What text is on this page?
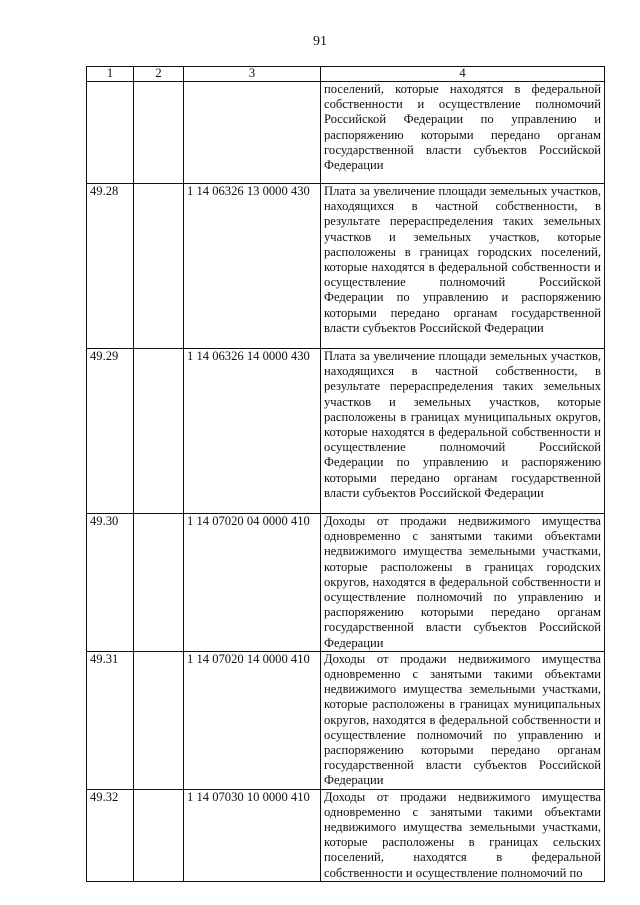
91
1	2	3	4
			поселений, которые находятся в федеральной собственности и осуществление полномочий Российской Федерации по управлению и распоряжению которыми передано органам государственной власти субъектов Российской Федерации
49.28		1 14 06326 13 0000 430	Плата за увеличение площади земельных участков, находящихся в частной собственности, в результате перераспределения таких земельных участков и земельных участков, которые расположены в границах городских поселений, которые находятся в федеральной собственности и осуществление полномочий Российской Федерации по управлению и распоряжению которыми передано органам государственной власти субъектов Российской Федерации
49.29		1 14 06326 14 0000 430	Плата за увеличение площади земельных участков, находящихся в частной собственности, в результате перераспределения таких земельных участков и земельных участков, которые расположены в границах муниципальных округов, которые находятся в федеральной собственности и осуществление полномочий Российской Федерации по управлению и распоряжению которыми передано органам государственной власти субъектов Российской Федерации
49.30		1 14 07020 04 0000 410	Доходы от продажи недвижимого имущества одновременно с занятыми такими объектами недвижимого имущества земельными участками, которые расположены в границах городских округов, находятся в федеральной собственности и осуществление полномочий по управлению и распоряжению которыми передано органам государственной власти субъектов Российской Федерации
49.31		1 14 07020 14 0000 410	Доходы от продажи недвижимого имущества одновременно с занятыми такими объектами недвижимого имущества земельными участками, которые расположены в границах муниципальных округов, находятся в федеральной собственности и осуществление полномочий по управлению и распоряжению которыми передано органам государственной власти субъектов Российской Федерации
49.32		1 14 07030 10 0000 410	Доходы от продажи недвижимого имущества одновременно с занятыми такими объектами недвижимого имущества земельными участками, которые расположены в границах сельских поселений, находятся в федеральной собственности и осуществление полномочий по
